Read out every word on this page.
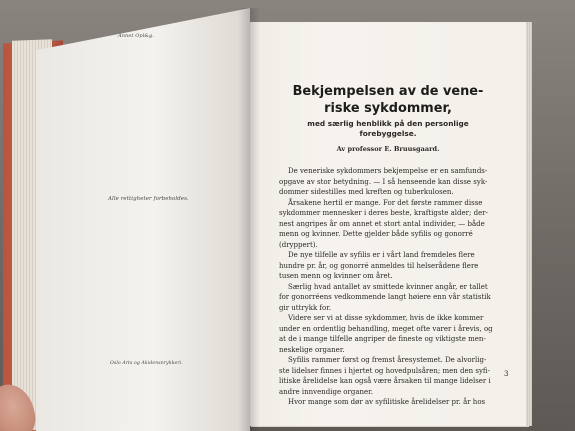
Annet Opl&g.
Alle rettigheter forbeholdes.
Oslo Arts og Akidensnrykkeri.
Bekjempelsen av de vene-
riske sykdommer,
med særlig henblikk på den personlige
forebyggelse.
Av professor E. Bruusgaard.
De veneriske sykdommers bekjempelse er en samfunds-
opgave av stor betydning. — I så henseende kan disse syk-
dommer sidestilles med kreften og tuberkulosen.
Årsakene hertil er mange. For det første rammer disse
sykdommer mennesker i deres beste, kraftigste alder; der-
nest angripes år om annet et stort antal individer, — både
menn og kvinner. Dette gjelder både syfilis og gonorré
(dryppert).
De nye tilfelle av syfilis er i vårt land fremdeles flere
hundre pr. år, og gonorré anmeldes til helserådene flere
tusen menn og kvinner om året.
Særlig hvad antallet av smittede kvinner angår, er tallet
for gonorréens vedkommende langt høiere enn vår statistik
gir uttrykk for.
Videre ser vi at disse sykdommer, hvis de ikke kommer
under en ordentlig behandling, meget ofte varer i årevis, og
at de i mange tilfelle angriper de fineste og viktigste men-
neskelige organer.
Syfilis rammer først og fremst åresystemet. De alvorlig-
ste lidelser finnes i hjertet og hovedpulsåren; men den syfi-
litiske årelidelse kan også være årsaken til mange lidelser i
andre innvendige organer.
Hvor mange som dør av syfilitiske årelidelser pr. år hos
3
